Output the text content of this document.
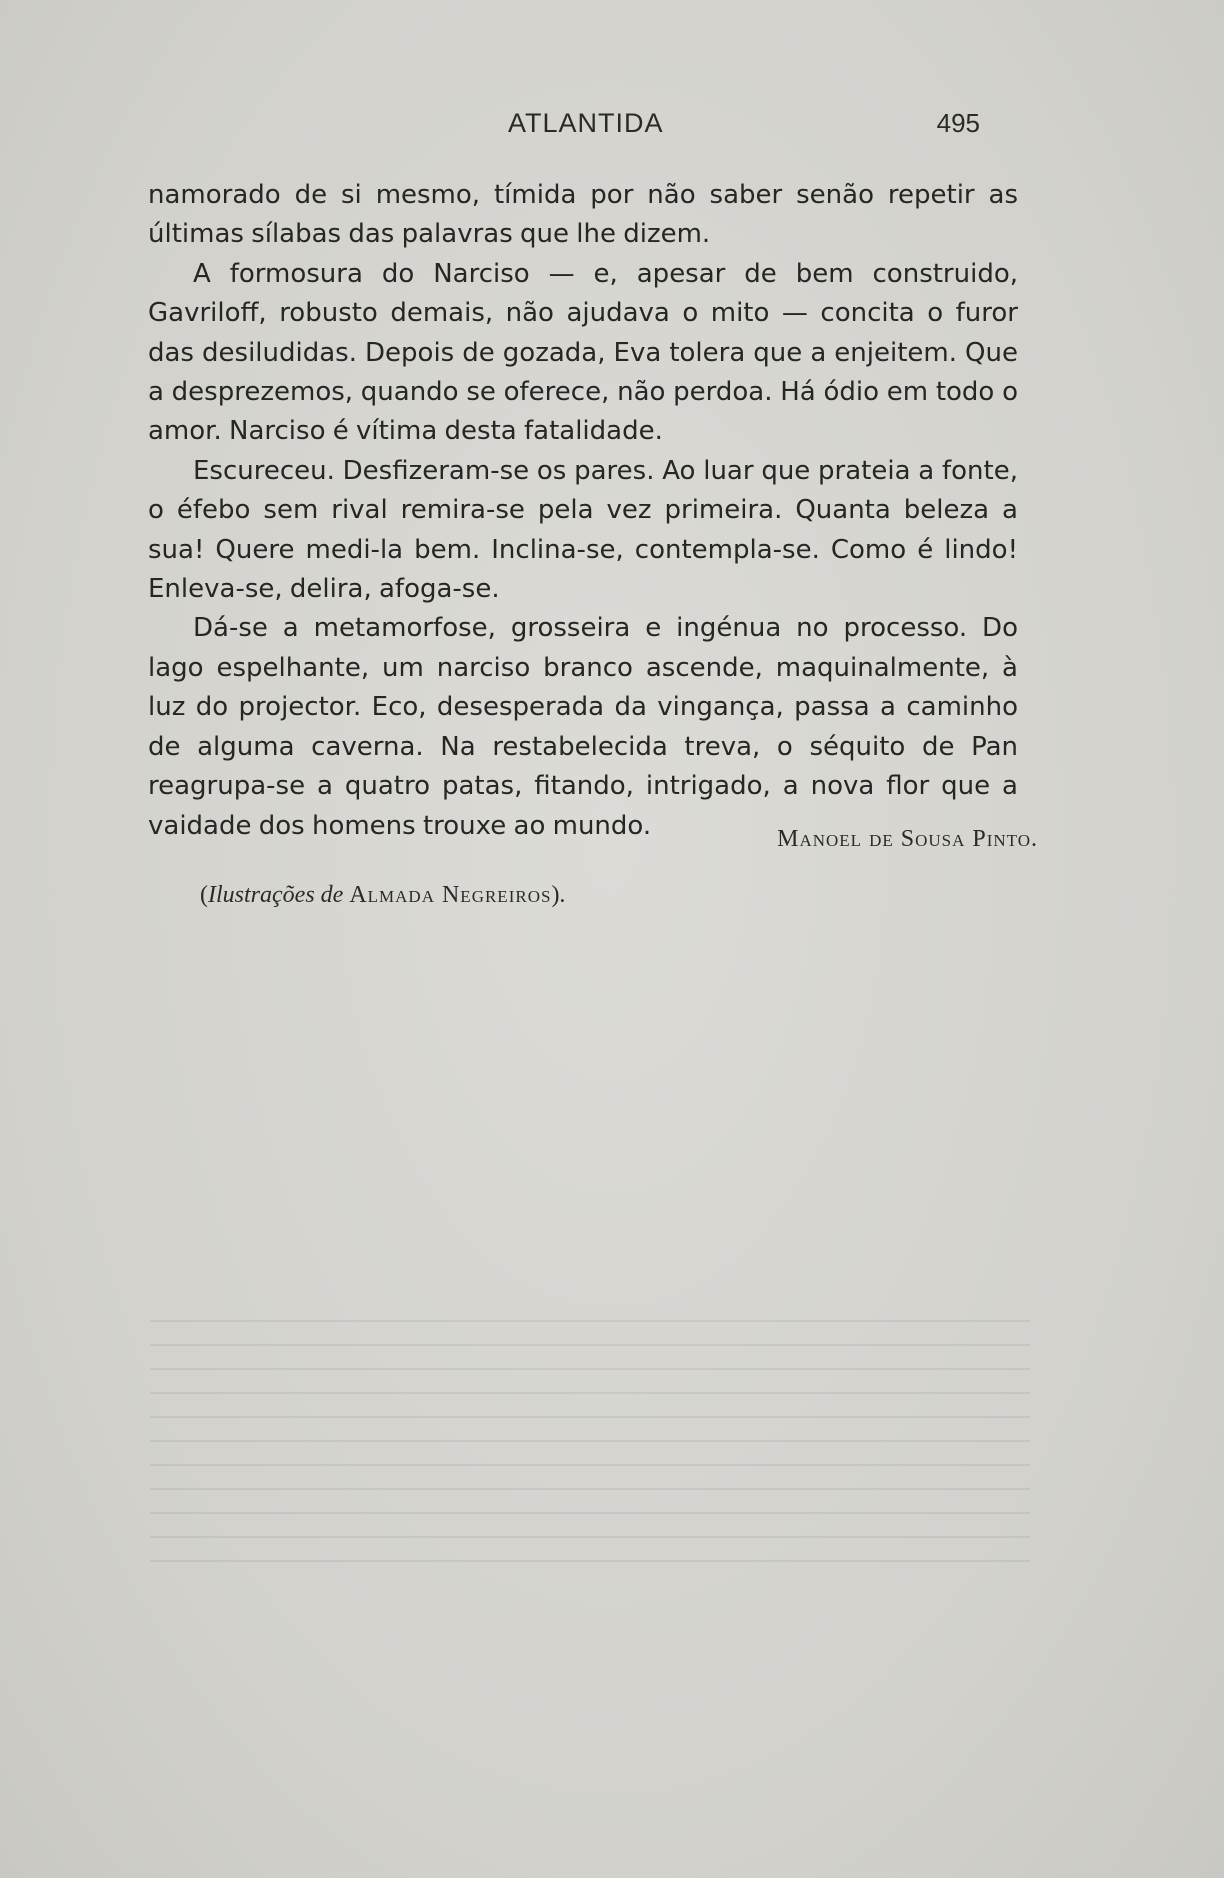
ATLANTIDA	495

namorado de si mesmo, tímida por não saber senão repetir as últimas sílabas das palavras que lhe dizem.

A formosura do Narciso — e, apesar de bem construido, Gavriloff, robusto demais, não ajudava o mito — concita o furor das desiludidas. Depois de gozada, Eva tolera que a enjeitem. Que a desprezemos, quando se oferece, não perdoa. Há ódio em todo o amor. Narciso é vítima desta fatalidade.

Escureceu. Desfizeram-se os pares. Ao luar que prateia a fonte, o éfebo sem rival remira-se pela vez primeira. Quanta beleza a sua! Quere medi-la bem. Inclina-se, contempla-se. Como é lindo! Enleva-se, delira, afoga-se.

Dá-se a metamorfose, grosseira e ingénua no processo. Do lago espelhante, um narciso branco ascende, maquinalmente, à luz do projector. Eco, desesperada da vingança, passa a caminho de alguma caverna. Na restabelecida treva, o séquito de Pan reagrupa-se a quatro patas, fitando, intrigado, a nova flor que a vaidade dos homens trouxe ao mundo.	Manoel de Sousa Pinto.
(Ilustrações de Almada Negreiros).
